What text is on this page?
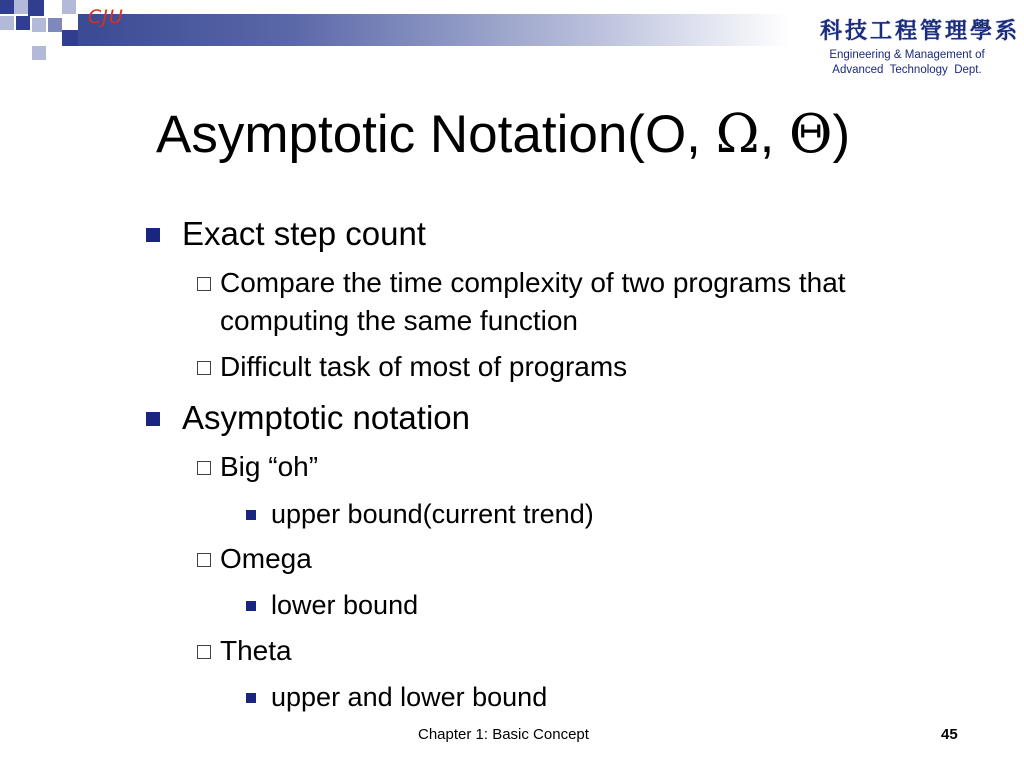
CJU
科技工程管理學系
Engineering & Management of
Advanced  Technology  Dept.
Asymptotic Notation(O, Ω, Θ)
Exact step count
Compare the time complexity of two programs that computing the same function
Difficult task of most of programs
Asymptotic notation
Big “oh”
upper bound(current trend)
Omega
lower bound
Theta
upper and lower bound
Chapter 1: Basic Concept	45
